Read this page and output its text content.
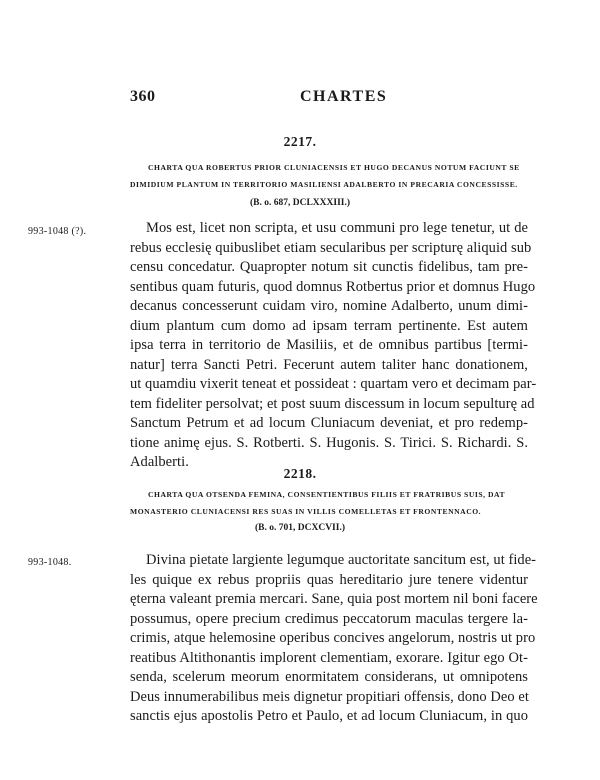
360	CHARTES
2217.
CHARTA QUA ROBERTUS PRIOR CLUNIACENSIS ET HUGO DECANUS NOTUM FACIUNT SE
DIMIDIUM PLANTUM IN TERRITORIO MASILIENSI ADALBERTO IN PRECARIA CONCESSISSE.
(B. o. 687, DCLXXXIII.)
993-1048 (?).	Mos est, licet non scripta, et usu communi pro lege tenetur, ut de
rebus ecclesię quibuslibet etiam secularibus per scripturę aliquid sub
censu concedatur. Quapropter notum sit cunctis fidelibus, tam pre-
sentibus quam futuris, quod domnus Rotbertus prior et domnus Hugo
decanus concesserunt cuidam viro, nomine Adalberto, unum dimi-
dium plantum cum domo ad ipsam terram pertinente. Est autem
ipsa terra in territorio de Masiliis, et de omnibus partibus [termi-
natur] terra Sancti Petri. Fecerunt autem taliter hanc donationem,
ut quamdiu vixerit teneat et possideat : quartam vero et decimam par-
tem fideliter persolvat; et post suum discessum in locum sepulturę ad
Sanctum Petrum et ad locum Cluniacum deveniat, et pro redemp-
tione animę ejus. S. Rotberti. S. Hugonis. S. Tirici. S. Richardi. S.
Adalberti.
2218.
CHARTA QUA OTSENDA FEMINA, CONSENTIENTIBUS FILIIS ET FRATRIBUS SUIS, DAT
MONASTERIO CLUNIACENSI RES SUAS IN VILLIS COMELLETAS ET FRONTENNACO.
(B. o. 701, DCXCVII.)
993-1048.	Divina pietate largiente legumque auctoritate sancitum est, ut fide-
les quique ex rebus propriis quas hereditario jure tenere videntur
ęterna valeant premia mercari. Sane, quia post mortem nil boni facere
possumus, opere precium credimus peccatorum maculas tergere la-
crimis, atque helemosine operibus concives angelorum, nostris ut pro
reatibus Altithonantis implorent clementiam, exorare. Igitur ego Ot-
senda, scelerum meorum enormitatem considerans, ut omnipotens
Deus innumerabilibus meis dignetur propitiari offensis, dono Deo et
sanctis ejus apostolis Petro et Paulo, et ad locum Cluniacum, in quo
